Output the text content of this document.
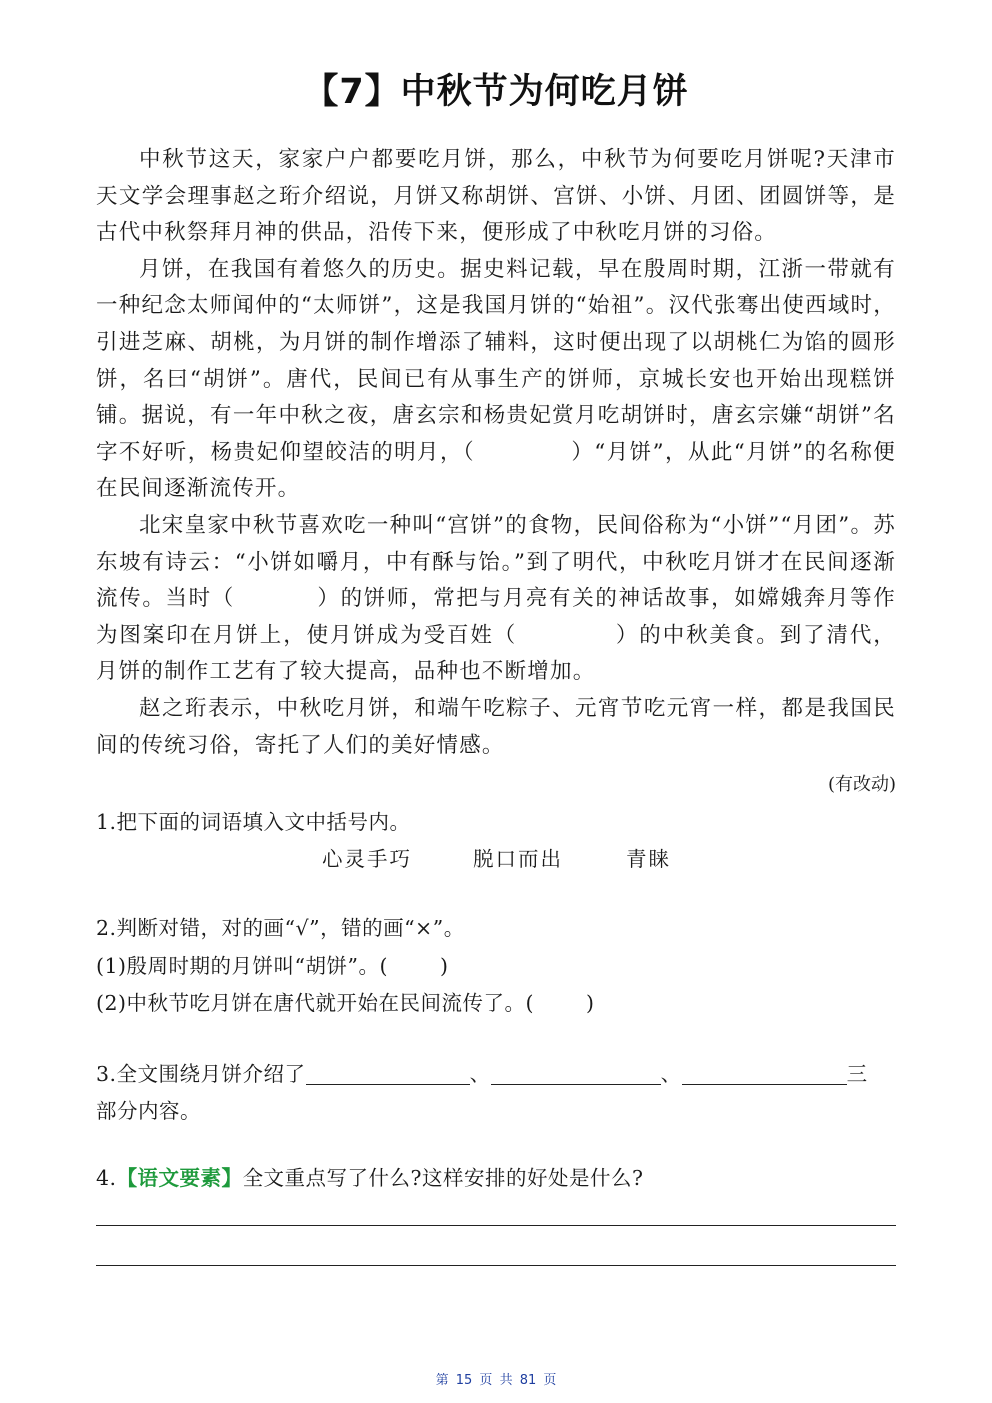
【7】中秋节为何吃月饼

中秋节这天，家家户户都要吃月饼，那么，中秋节为何要吃月饼呢?天津市天文学会理事赵之珩介绍说，月饼又称胡饼、宫饼、小饼、月团、团圆饼等，是古代中秋祭拜月神的供品，沿传下来，便形成了中秋吃月饼的习俗。

月饼，在我国有着悠久的历史。据史料记载，早在殷周时期，江浙一带就有一种纪念太师闻仲的“太师饼”，这是我国月饼的“始祖”。汉代张骞出使西域时，引进芝麻、胡桃，为月饼的制作增添了辅料，这时便出现了以胡桃仁为馅的圆形饼，名曰“胡饼”。唐代，民间已有从事生产的饼师，京城长安也开始出现糕饼铺。据说，有一年中秋之夜，唐玄宗和杨贵妃赏月吃胡饼时，唐玄宗嫌“胡饼”名字不好听，杨贵妃仰望皎洁的明月，（	）“月饼”，从此“月饼”的名称便在民间逐渐流传开。

北宋皇家中秋节喜欢吃一种叫“宫饼”的食物，民间俗称为“小饼”“月团”。苏东坡有诗云：“小饼如嚼月，中有酥与饴。”到了明代，中秋吃月饼才在民间逐渐流传。当时（	）的饼师，常把与月亮有关的神话故事，如嫦娥奔月等作为图案印在月饼上，使月饼成为受百姓（	）的中秋美食。到了清代，月饼的制作工艺有了较大提高，品种也不断增加。

赵之珩表示，中秋吃月饼，和端午吃粽子、元宵节吃元宵一样，都是我国民间的传统习俗，寄托了人们的美好情感。

(有改动)
1.把下面的词语填入文中括号内。
心灵手巧	脱口而出	青睐
2.判断对错，对的画“√”，错的画“×”。
(1)殷周时期的月饼叫“胡饼”。(	)
(2)中秋节吃月饼在唐代就开始在民间流传了。(	)
3.全文围绕月饼介绍了	、	、	三
部分内容。
4.【语文要素】全文重点写了什么?这样安排的好处是什么?
第 15 页 共 81 页
